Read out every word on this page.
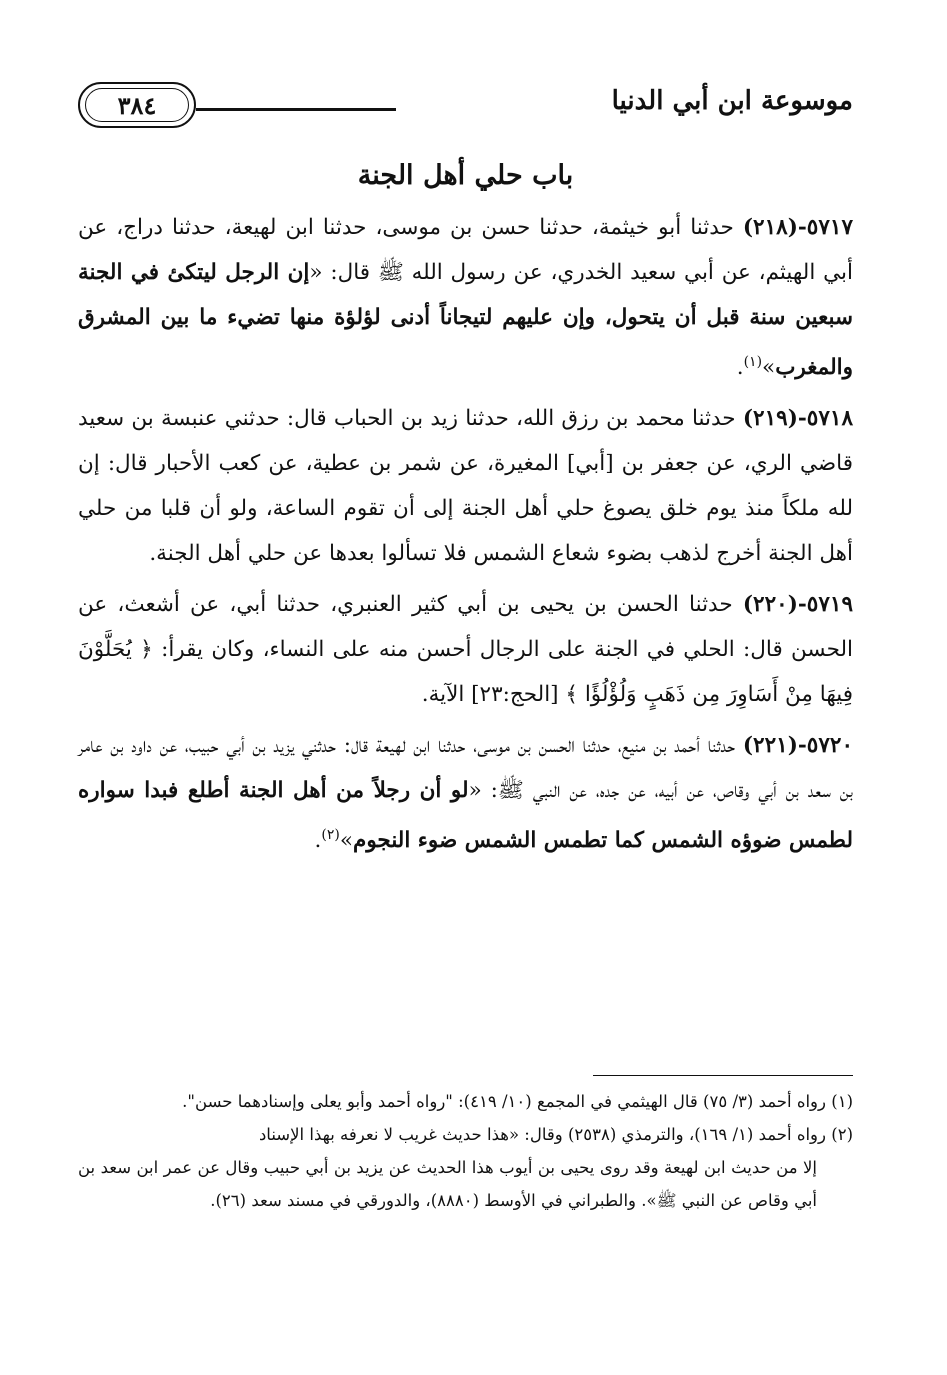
٣٨٤	موسوعة ابن أبي الدنيا
باب حلي أهل الجنة

٥٧١٧-(٢١٨) حدثنا أبو خيثمة، حدثنا حسن بن موسى، حدثنا ابن لهيعة، حدثنا دراج، عن أبي الهيثم، عن أبي سعيد الخدري، عن رسول الله ﷺ قال: «إن الرجل ليتكئ في الجنة سبعين سنة قبل أن يتحول، وإن عليهم لتيجاناً أدنى لؤلؤة منها تضيء ما بين المشرق والمغرب»$^{(١)}$.

٥٧١٨-(٢١٩) حدثنا محمد بن رزق الله، حدثنا زيد بن الحباب قال: حدثني عنبسة بن سعيد قاضي الري، عن جعفر بن [أبي] المغيرة، عن شمر بن عطية، عن كعب الأحبار قال: إن لله ملكاً منذ يوم خلق يصوغ حلي أهل الجنة إلى أن تقوم الساعة، ولو أن قلبا من حلي أهل الجنة أخرج لذهب بضوء شعاع الشمس فلا تسألوا بعدها عن حلي أهل الجنة.

٥٧١٩-(٢٢٠) حدثنا الحسن بن يحيى بن أبي كثير العنبري، حدثنا أبي، عن أشعث، عن الحسن قال: الحلي في الجنة على الرجال أحسن منه على النساء، وكان يقرأ: ﴿ يُحَلَّوْنَ فِيهَا مِنْ أَسَاوِرَ مِن ذَهَبٍ وَلُؤْلُؤًا ﴾ [الحج:٢٣] الآية.

٥٧٢٠-(٢٢١) حدثنا أحمد بن منيع، حدثنا الحسن بن موسى، حدثنا ابن لهيعة قال: حدثني يزيد بن أبي حبيب، عن داود بن عامر بن سعد بن أبي وقاص، عن أبيه، عن جده، عن النبي ﷺ: «لو أن رجلاً من أهل الجنة أطلع فبدا سواره لطمس ضوؤه الشمس كما تطمس الشمس ضوء النجوم»$^{(٢)}$.

(١) رواه أحمد (٣/ ٧٥) قال الهيثمي في المجمع (١٠/ ٤١٩): "رواه أحمد وأبو يعلى وإسنادهما حسن".

(٢) رواه أحمد (١/ ١٦٩)، والترمذي (٢٥٣٨) وقال: «هذا حديث غريب لا نعرفه بهذا الإسناد

إلا من حديث ابن لهيعة وقد روى يحيى بن أيوب هذا الحديث عن يزيد بن أبي حبيب وقال عن عمر ابن سعد بن أبي وقاص عن النبي ﷺ». والطبراني في الأوسط (٨٨٨٠)، والدورقي في مسند سعد (٢٦).
